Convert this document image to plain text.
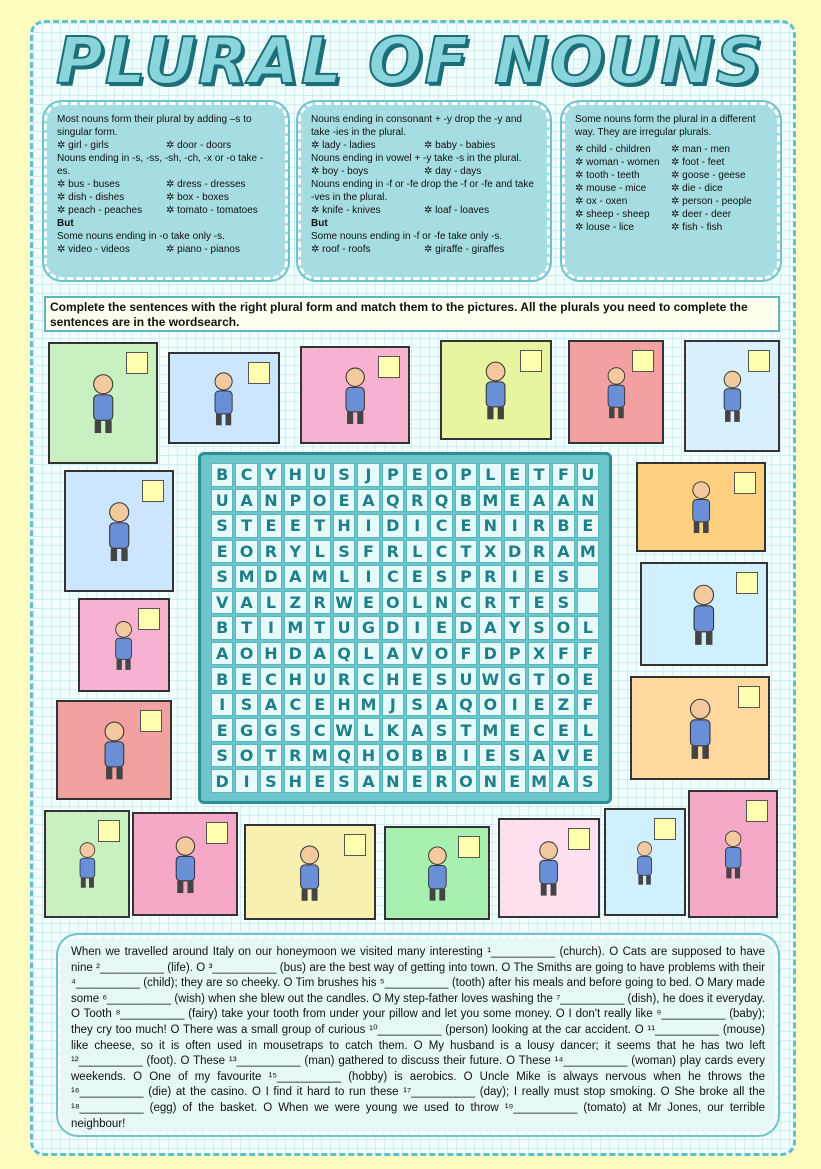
PLURAL OF NOUNS

Most nouns form their plural by adding –s to singular form.

✲ girl - girls	✲ door - doors

Nouns ending in -s, -ss, -sh, -ch, -x or -o take -es.

✲ bus - buses	✲ dress - dresses
✲ dish - dishes	✲ box - boxes
✲ peach - peaches	✲ tomato - tomatoes

But

Some nouns ending in -o take only -s.

✲ video - videos	✲ piano - pianos

Nouns ending in consonant + -y drop the -y and take -ies in the plural.

✲ lady - ladies	✲ baby - babies

Nouns ending in vowel + -y take -s in the plural.

✲ boy - boys	✲ day - days

Nouns ending in -f or -fe drop the -f or -fe and take -ves in the plural.

✲ knife - knives	✲ loaf - loaves

But

Some nouns ending in -f or -fe take only -s.

✲ roof - roofs	✲ giraffe - giraffes

Some nouns form the plural in a different way. They are irregular plurals.

✲ child - children	✲ man - men
✲ woman - women	✲ foot - feet
✲ tooth - teeth	✲ goose - geese
✲ mouse - mice	✲ die - dice
✲ ox - oxen	✲ person - people
✲ sheep - sheep	✲ deer - deer
✲ louse - lice	✲ fish - fish
Complete the sentences with the right plural form and match them to the pictures. All the plurals you need to complete the sentences are in the wordsearch.
B C Y H U S J P E O P L E T F U
U A N P O E A Q R Q B M E A A N
S T E E T H I D I C E N I R B E
E O R Y L S F R L C T X D R A M
S M D A M L	I C E S P R I E S
V A L Z R W E O L N C R T E S
B T I M T U G D I E D A Y S O L
A O H D A Q L A V O F D P X F F
B E C H U R C H E S U W G T O E
I S A C E H M J S A Q O I E Z F
E G G S C W L K A S T M E C E L
S O T R M Q H O B B I E S A V E
D I S H E S A N E R O N E M A S
When we travelled around Italy on our honeymoon we visited many interesting ¹__________ (church). O Cats are supposed to have nine ²__________ (life). O ³__________ (bus) are the best way of getting into town. O The Smiths are going to have problems with their ⁴__________ (child); they are so cheeky. O Tim brushes his ⁵__________ (tooth) after his meals and before going to bed. O Mary made some ⁶__________ (wish) when she blew out the candles. O My step-father loves washing the ⁷__________ (dish), he does it everyday. O Tooth ⁸__________ (fairy) take your tooth from under your pillow and let you some money. O I don't really like ⁹__________ (baby); they cry too much! O There was a small group of curious ¹⁰__________ (person) looking at the car accident. O ¹¹__________ (mouse) like cheese, so it is often used in mousetraps to catch them. O My husband is a lousy dancer; it seems that he has two left ¹²__________ (foot). O These ¹³__________ (man) gathered to discuss their future. O These ¹⁴__________ (woman) play cards every weekends. O One of my favourite ¹⁵__________ (hobby) is aerobics. O Uncle Mike is always nervous when he throws the ¹⁶__________ (die) at the casino. O I find it hard to run these ¹⁷__________ (day); I really must stop smoking. O She broke all the ¹⁸__________ (egg) of the basket. O When we were young we used to throw ¹⁹__________ (tomato) at Mr Jones, our terrible neighbour!
